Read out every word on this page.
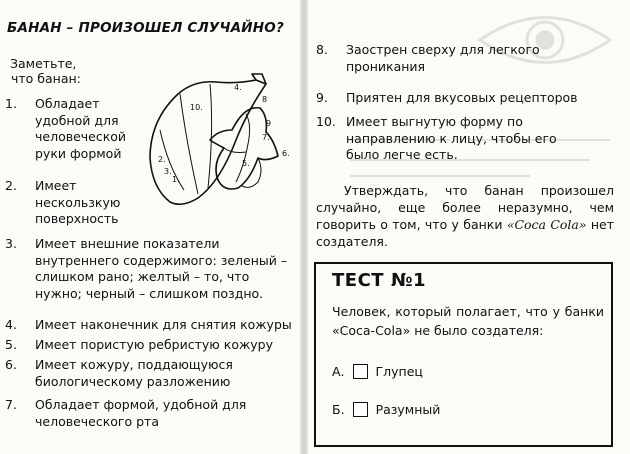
БАНАН – ПРОИЗОШЕЛ СЛУЧАЙНО?
Заметьте,
что банан:
1. Обладает
удобной для
человеческой
руки формой
2. Имеет
нескользкую
поверхность
3. Имеет внешние показатели внутреннего содержимого: зеленый – слишком рано; желтый – то, что нужно; черный – слишком поздно.
4. Имеет наконечник для снятия кожуры
5. Имеет пористую ребристую кожуру
6. Имеет кожуру, поддающуюся биологическому разложению
7. Обладает формой, удобной для человеческого рта
1.
2.
3.
4.
5.
6.
7.
8
9
10.
8. Заострен сверху для легкого проникания
9. Приятен для вкусовых рецепторов
10. Имеет выгнутую форму по направлению к лицу, чтобы его было легче есть.
Утверждать, что банан произошел случайно, еще более неразумно, чем говорить о том, что у банки «Coca Cola» нет создателя.
ТЕСТ №1
Человек, который полагает, что у банки «Coca-Cola» не было создателя:
А. Глупец
Б. Разумный
